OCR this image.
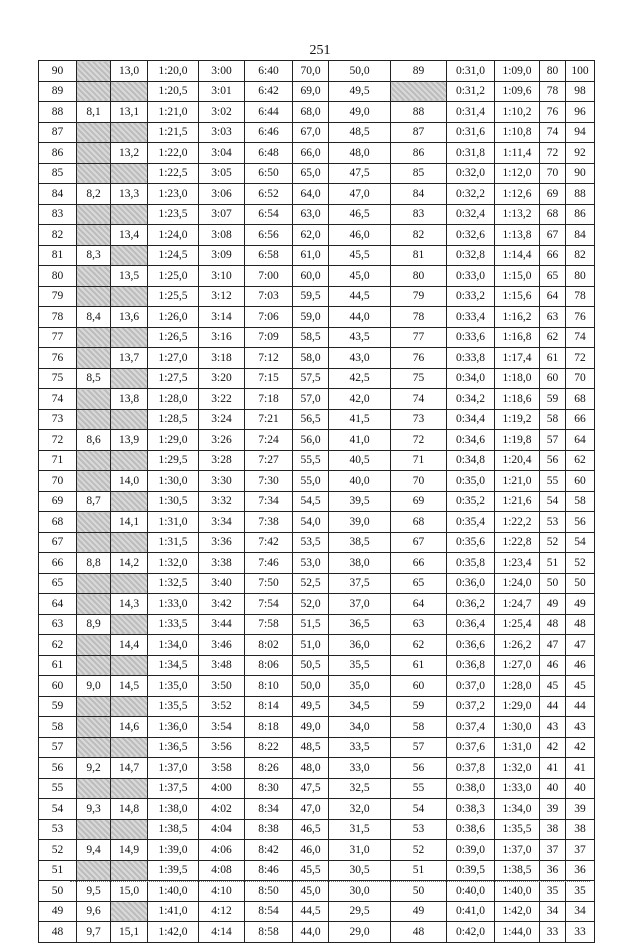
251
90		13,0	1:20,0	3:00	6:40	70,0	50,0	89	0:31,0	1:09,0	80	100
89			1:20,5	3:01	6:42	69,0	49,5		0:31,2	1:09,6	78	98
88	8,1	13,1	1:21,0	3:02	6:44	68,0	49,0	88	0:31,4	1:10,2	76	96
87			1:21,5	3:03	6:46	67,0	48,5	87	0:31,6	1:10,8	74	94
86		13,2	1:22,0	3:04	6:48	66,0	48,0	86	0:31,8	1:11,4	72	92
85			1:22,5	3:05	6:50	65,0	47,5	85	0:32,0	1:12,0	70	90
84	8,2	13,3	1:23,0	3:06	6:52	64,0	47,0	84	0:32,2	1:12,6	69	88
83			1:23,5	3:07	6:54	63,0	46,5	83	0:32,4	1:13,2	68	86
82		13,4	1:24,0	3:08	6:56	62,0	46,0	82	0:32,6	1:13,8	67	84
81	8,3		1:24,5	3:09	6:58	61,0	45,5	81	0:32,8	1:14,4	66	82
80		13,5	1:25,0	3:10	7:00	60,0	45,0	80	0:33,0	1:15,0	65	80
79			1:25,5	3:12	7:03	59,5	44,5	79	0:33,2	1:15,6	64	78
78	8,4	13,6	1:26,0	3:14	7:06	59,0	44,0	78	0:33,4	1:16,2	63	76
77			1:26,5	3:16	7:09	58,5	43,5	77	0:33,6	1:16,8	62	74
76		13,7	1:27,0	3:18	7:12	58,0	43,0	76	0:33,8	1:17,4	61	72
75	8,5		1:27,5	3:20	7:15	57,5	42,5	75	0:34,0	1:18,0	60	70
74		13,8	1:28,0	3:22	7:18	57,0	42,0	74	0:34,2	1:18,6	59	68
73			1:28,5	3:24	7:21	56,5	41,5	73	0:34,4	1:19,2	58	66
72	8,6	13,9	1:29,0	3:26	7:24	56,0	41,0	72	0:34,6	1:19,8	57	64
71			1:29,5	3:28	7:27	55,5	40,5	71	0:34,8	1:20,4	56	62
70		14,0	1:30,0	3:30	7:30	55,0	40,0	70	0:35,0	1:21,0	55	60
69	8,7		1:30,5	3:32	7:34	54,5	39,5	69	0:35,2	1:21,6	54	58
68		14,1	1:31,0	3:34	7:38	54,0	39,0	68	0:35,4	1:22,2	53	56
67			1:31,5	3:36	7:42	53,5	38,5	67	0:35,6	1:22,8	52	54
66	8,8	14,2	1:32,0	3:38	7:46	53,0	38,0	66	0:35,8	1:23,4	51	52
65			1:32,5	3:40	7:50	52,5	37,5	65	0:36,0	1:24,0	50	50
64		14,3	1:33,0	3:42	7:54	52,0	37,0	64	0:36,2	1:24,7	49	49
63	8,9		1:33,5	3:44	7:58	51,5	36,5	63	0:36,4	1:25,4	48	48
62		14,4	1:34,0	3:46	8:02	51,0	36,0	62	0:36,6	1:26,2	47	47
61			1:34,5	3:48	8:06	50,5	35,5	61	0:36,8	1:27,0	46	46
60	9,0	14,5	1:35,0	3:50	8:10	50,0	35,0	60	0:37,0	1:28,0	45	45
59			1:35,5	3:52	8:14	49,5	34,5	59	0:37,2	1:29,0	44	44
58		14,6	1:36,0	3:54	8:18	49,0	34,0	58	0:37,4	1:30,0	43	43
57			1:36,5	3:56	8:22	48,5	33,5	57	0:37,6	1:31,0	42	42
56	9,2	14,7	1:37,0	3:58	8:26	48,0	33,0	56	0:37,8	1:32,0	41	41
55			1:37,5	4:00	8:30	47,5	32,5	55	0:38,0	1:33,0	40	40
54	9,3	14,8	1:38,0	4:02	8:34	47,0	32,0	54	0:38,3	1:34,0	39	39
53			1:38,5	4:04	8:38	46,5	31,5	53	0:38,6	1:35,5	38	38
52	9,4	14,9	1:39,0	4:06	8:42	46,0	31,0	52	0:39,0	1:37,0	37	37
51			1:39,5	4:08	8:46	45,5	30,5	51	0:39,5	1:38,5	36	36
50	9,5	15,0	1:40,0	4:10	8:50	45,0	30,0	50	0:40,0	1:40,0	35	35
49	9,6		1:41,0	4:12	8:54	44,5	29,5	49	0:41,0	1:42,0	34	34
48	9,7	15,1	1:42,0	4:14	8:58	44,0	29,0	48	0:42,0	1:44,0	33	33
